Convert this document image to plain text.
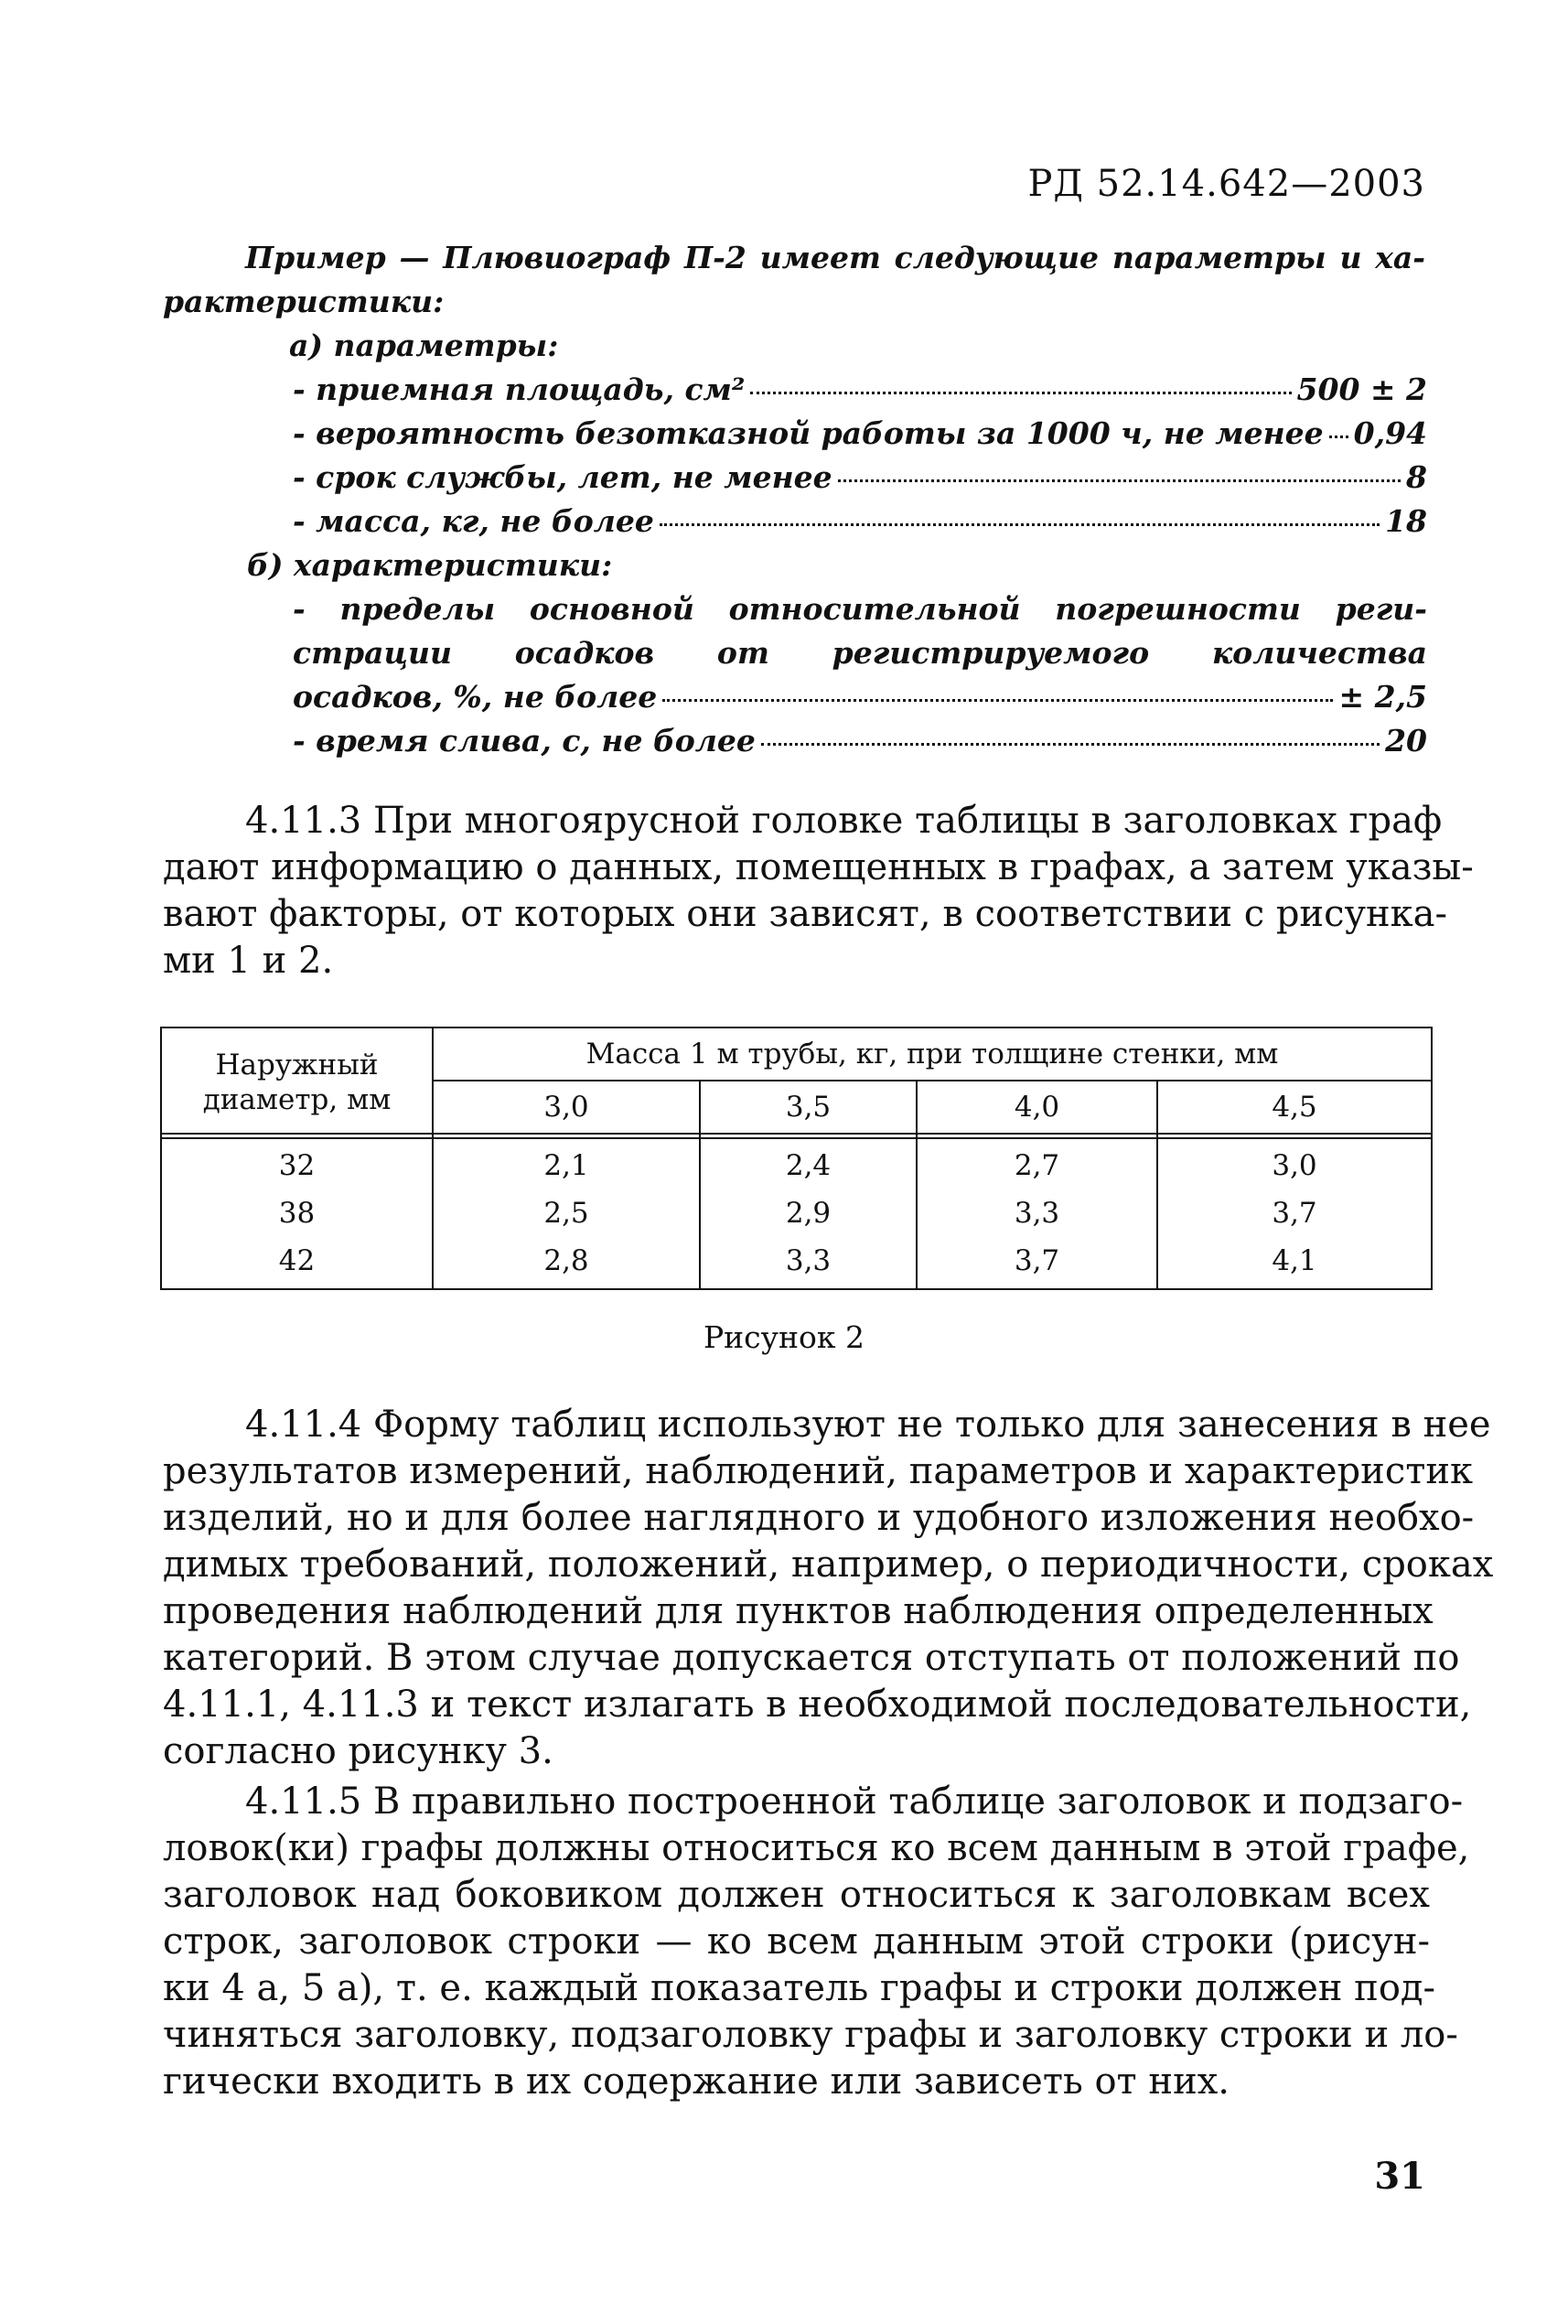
РД 52.14.642—2003
Пример — Плювиограф П-2 имеет следующие параметры и ха-
рактеристики:
а) параметры:
- приемная площадь, см²	500 ± 2
- вероятность безотказной работы за 1000 ч, не менее 0,94
- срок службы, лет, не менее	8
- масса, кг, не более	18
б) характеристики:
- пределы основной относительной погрешности реги-
страции осадков от регистрируемого количества
осадков, %, не более	± 2,5
- время слива, с, не более	20
4.11.3 При многоярусной головке таблицы в заголовках граф
дают информацию о данных, помещенных в графах, а затем указы-
вают факторы, от которых они зависят, в соответствии с рисунка-
ми 1 и 2.
Наружный
диаметр, мм
Масса 1 м трубы, кг, при толщине стенки, мм
3,0	3,5	4,0	4,5
32	2,1	2,4	2,7	3,0
38	2,5	2,9	3,3	3,7
42	2,8	3,3	3,7	4,1
Рисунок 2
4.11.4 Форму таблиц используют не только для занесения в нее
результатов измерений, наблюдений, параметров и характеристик
изделий, но и для более наглядного и удобного изложения необхо-
димых требований, положений, например, о периодичности, сроках
проведения наблюдений для пунктов наблюдения определенных
категорий. В этом случае допускается отступать от положений по
4.11.1, 4.11.3 и текст излагать в необходимой последовательности,
согласно рисунку 3.
4.11.5 В правильно построенной таблице заголовок и подзаго-
ловок(ки) графы должны относиться ко всем данным в этой графе,
заголовок над боковиком должен относиться к заголовкам всех
строк, заголовок строки — ко всем данным этой строки (рисун-
ки 4 а, 5 а), т. е. каждый показатель графы и строки должен под-
чиняться заголовку, подзаголовку графы и заголовку строки и ло-
гически входить в их содержание или зависеть от них.
31
